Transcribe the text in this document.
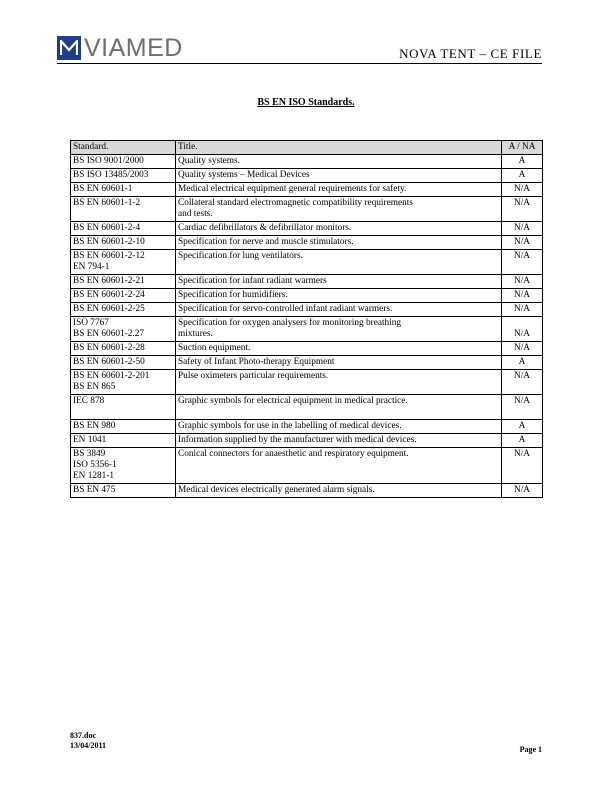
VIAMED	NOVA TENT – CE FILE
BS EN ISO Standards.
Standard.	Title.	A / NA

BS ISO 9001/2000	Quality systems.	A

BS ISO 13485/2003	Quality systems – Medical Devices	A

BS EN 60601-1	Medical electrical equipment general requirements for safety.	N/A

BS EN 60601-1-2	Collateral standard electromagnetic compatibility requirements
and tests.	N/A

BS EN 60601-2-4	Cardiac defibrillators & defibrillator monitors.	N/A

BS EN 60601-2-10	Specification for nerve and muscle stimulators.	N/A

BS EN 60601-2-12
EN 794-1	Specification for lung ventilators.	N/A

BS EN 60601-2-21	Specification for infant radiant warmers	N/A

BS EN 60601-2-24	Specification for humidifiers.	N/A

BS EN 60601-2-25	Specification for servo-controlled infant radiant warmers.	N/A

ISO 7767
BS EN 60601-2.27	Specification for oxygen analysers for monitoring breathing
mixtures.	N/A

BS EN 60601-2-28	Suction equipment.	N/A

BS EN 60601-2-50	Safety of Infant Photo-therapy Equipment	A

BS EN 60601-2-201
BS EN 865	Pulse oximeters particular requirements.	N/A

IEC 878	Graphic symbols for electrical equipment in medical practice.	N/A

BS EN 980	Graphic symbols for use in the labelling of medical devices.	A

EN 1041	Information supplied by the manufacturer with medical devices.	A

BS 3849
ISO 5356-1
EN 1281-1	Conical connectors for anaesthetic and respiratory equipment.	N/A

BS EN 475	Medical devices electrically generated alarm signals.	N/A
837.doc
13/04/2011	Page 1
